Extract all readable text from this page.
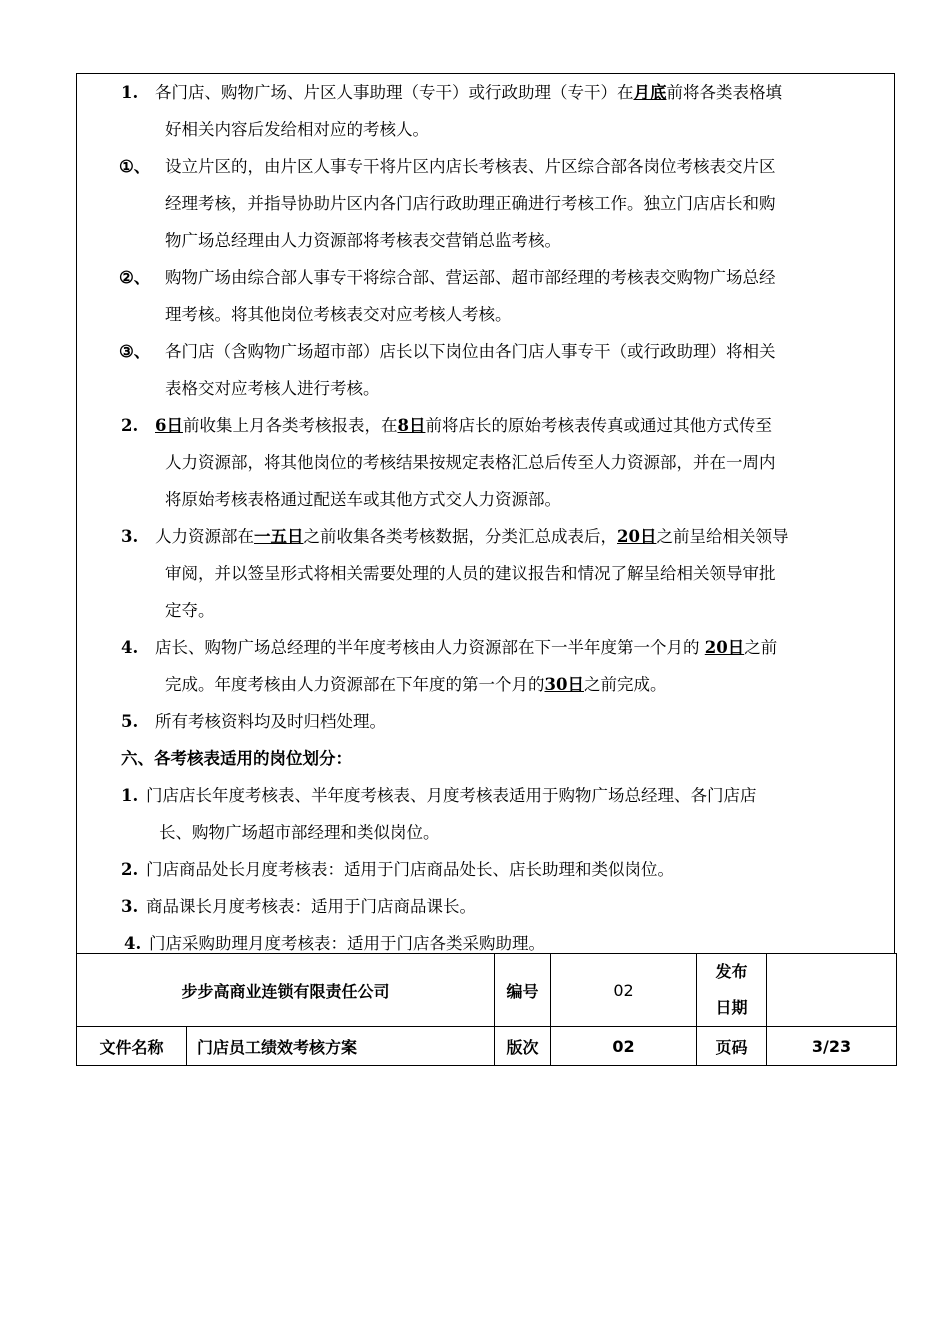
1. 各门店、购物广场、片区人事助理（专干）或行政助理（专干）在月底前将各类表格填
好相关内容后发给相对应的考核人。
①、 设立片区的，由片区人事专干将片区内店长考核表、片区综合部各岗位考核表交片区
经理考核，并指导协助片区内各门店行政助理正确进行考核工作。独立门店店长和购
物广场总经理由人力资源部将考核表交营销总监考核。
②、 购物广场由综合部人事专干将综合部、营运部、超市部经理的考核表交购物广场总经
理考核。将其他岗位考核表交对应考核人考核。
③、 各门店（含购物广场超市部）店长以下岗位由各门店人事专干（或行政助理）将相关
表格交对应考核人进行考核。
2. 6日前收集上月各类考核报表，在8日前将店长的原始考核表传真或通过其他方式传至
人力资源部，将其他岗位的考核结果按规定表格汇总后传至人力资源部，并在一周内
将原始考核表格通过配送车或其他方式交人力资源部。
3. 人力资源部在一五日之前收集各类考核数据，分类汇总成表后，20日之前呈给相关领导
审阅，并以签呈形式将相关需要处理的人员的建议报告和情况了解呈给相关领导审批
定夺。
4. 店长、购物广场总经理的半年度考核由人力资源部在下一半年度第一个月的 20日之前
完成。年度考核由人力资源部在下年度的第一个月的30日之前完成。
5. 所有考核资料均及时归档处理。
六、各考核表适用的岗位划分：
1. 门店店长年度考核表、半年度考核表、月度考核表适用于购物广场总经理、各门店店
长、购物广场超市部经理和类似岗位。
2. 门店商品处长月度考核表：适用于门店商品处长、店长助理和类似岗位。
3. 商品课长月度考核表：适用于门店商品课长。
4. 门店采购助理月度考核表：适用于门店各类采购助理。
步步高商业连锁有限责任公司		编号	02	发布
日期	
文件名称	门店员工绩效考核方案	版次	02	页码	3/23
